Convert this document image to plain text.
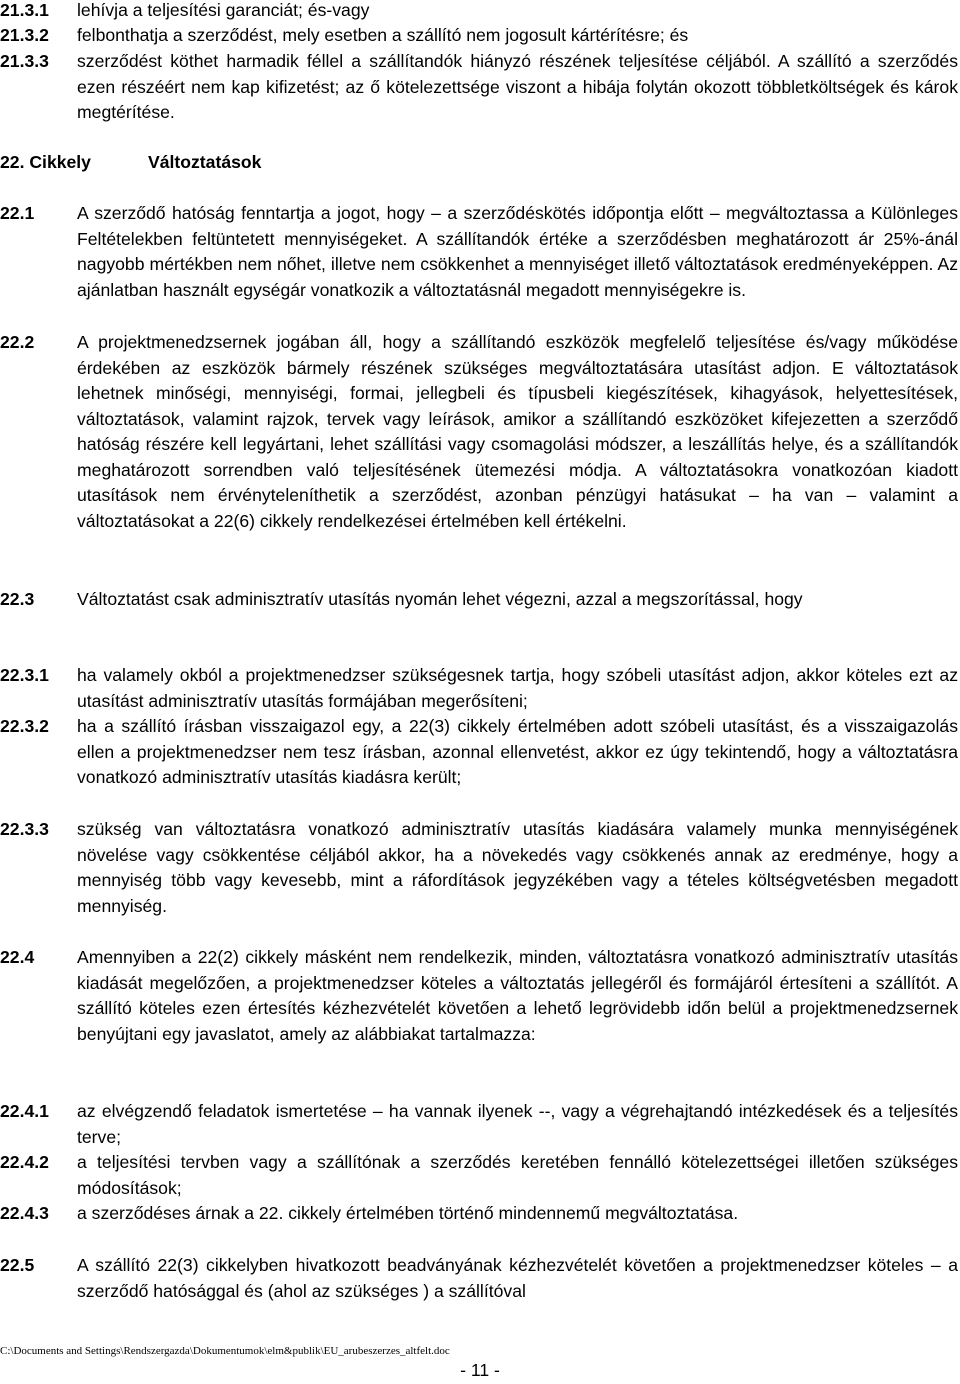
21.3.1 lehívja a teljesítési garanciát; és-vagy
21.3.2 felbonthatja a szerződést, mely esetben a szállító nem jogosult kártérítésre; és
21.3.3 szerződést köthet harmadik féllel a szállítandók hiányzó részének teljesítése céljából. A szállító a szerződés ezen részéért nem kap kifizetést; az ő kötelezettsége viszont a hibája folytán okozott többletköltségek és károk megtérítése.
22. Cikkely	Változtatások
22.1 A szerződő hatóság fenntartja a jogot, hogy – a szerződéskötés időpontja előtt – megváltoztassa a Különleges Feltételekben feltüntetett mennyiségeket. A szállítandók értéke a szerződésben meghatározott ár 25%-ánál nagyobb mértékben nem nőhet, illetve nem csökkenhet a mennyiséget illető változtatások eredményeképpen. Az ajánlatban használt egységár vonatkozik a változtatásnál megadott mennyiségekre is.
22.2 A projektmenedzsernek jogában áll, hogy a szállítandó eszközök megfelelő teljesítése és/vagy működése érdekében az eszközök bármely részének szükséges megváltoztatására utasítást adjon. E változtatások lehetnek minőségi, mennyiségi, formai, jellegbeli és típusbeli kiegészítések, kihagyások, helyettesítések, változtatások, valamint rajzok, tervek vagy leírások, amikor a szállítandó eszközöket kifejezetten a szerződő hatóság részére kell legyártani, lehet szállítási vagy csomagolási módszer, a leszállítás helye, és a szállítandók meghatározott sorrendben való teljesítésének ütemezési módja. A változtatásokra vonatkozóan kiadott utasítások nem érvényteleníthetik a szerződést, azonban pénzügyi hatásukat – ha van – valamint a változtatásokat a 22(6) cikkely rendelkezései értelmében kell értékelni.
22.3 Változtatást csak adminisztratív utasítás nyomán lehet végezni, azzal a megszorítással, hogy
22.3.1 ha valamely okból a projektmenedzser szükségesnek tartja, hogy szóbeli utasítást adjon, akkor köteles ezt az utasítást adminisztratív utasítás formájában megerősíteni;
22.3.2 ha a szállító írásban visszaigazol egy, a 22(3) cikkely értelmében adott szóbeli utasítást, és a visszaigazolás ellen a projektmenedzser nem tesz írásban, azonnal ellenvetést, akkor ez úgy tekintendő, hogy a változtatásra vonatkozó adminisztratív utasítás kiadásra került;
22.3.3 szükség van változtatásra vonatkozó adminisztratív utasítás kiadására valamely munka mennyiségének növelése vagy csökkentése céljából akkor, ha a növekedés vagy csökkenés annak az eredménye, hogy a mennyiség több vagy kevesebb, mint a ráfordítások jegyzékében vagy a tételes költségvetésben megadott mennyiség.
22.4 Amennyiben a 22(2) cikkely másként nem rendelkezik, minden, változtatásra vonatkozó adminisztratív utasítás kiadását megelőzően, a projektmenedzser köteles a változtatás jellegéről és formájáról értesíteni a szállítót. A szállító köteles ezen értesítés kézhezvételét követően a lehető legrövidebb időn belül a projektmenedzsernek benyújtani egy javaslatot, amely az alábbiakat tartalmazza:
22.4.1 az elvégzendő feladatok ismertetése – ha vannak ilyenek --, vagy a végrehajtandó intézkedések és a teljesítés terve;
22.4.2 a teljesítési tervben vagy a szállítónak a szerződés keretében fennálló kötelezettségei illetően szükséges módosítások;
22.4.3 a szerződéses árnak a 22. cikkely értelmében történő mindennemű megváltoztatása.
22.5 A szállító 22(3) cikkelyben hivatkozott beadványának kézhezvételét követően a projektmenedzser köteles – a szerződő hatósággal és (ahol az szükséges ) a szállítóval
C:\Documents and Settings\Rendszergazda\Dokumentumok\elm&publik\EU_arubeszerzes_altfelt.doc
- 11 -
